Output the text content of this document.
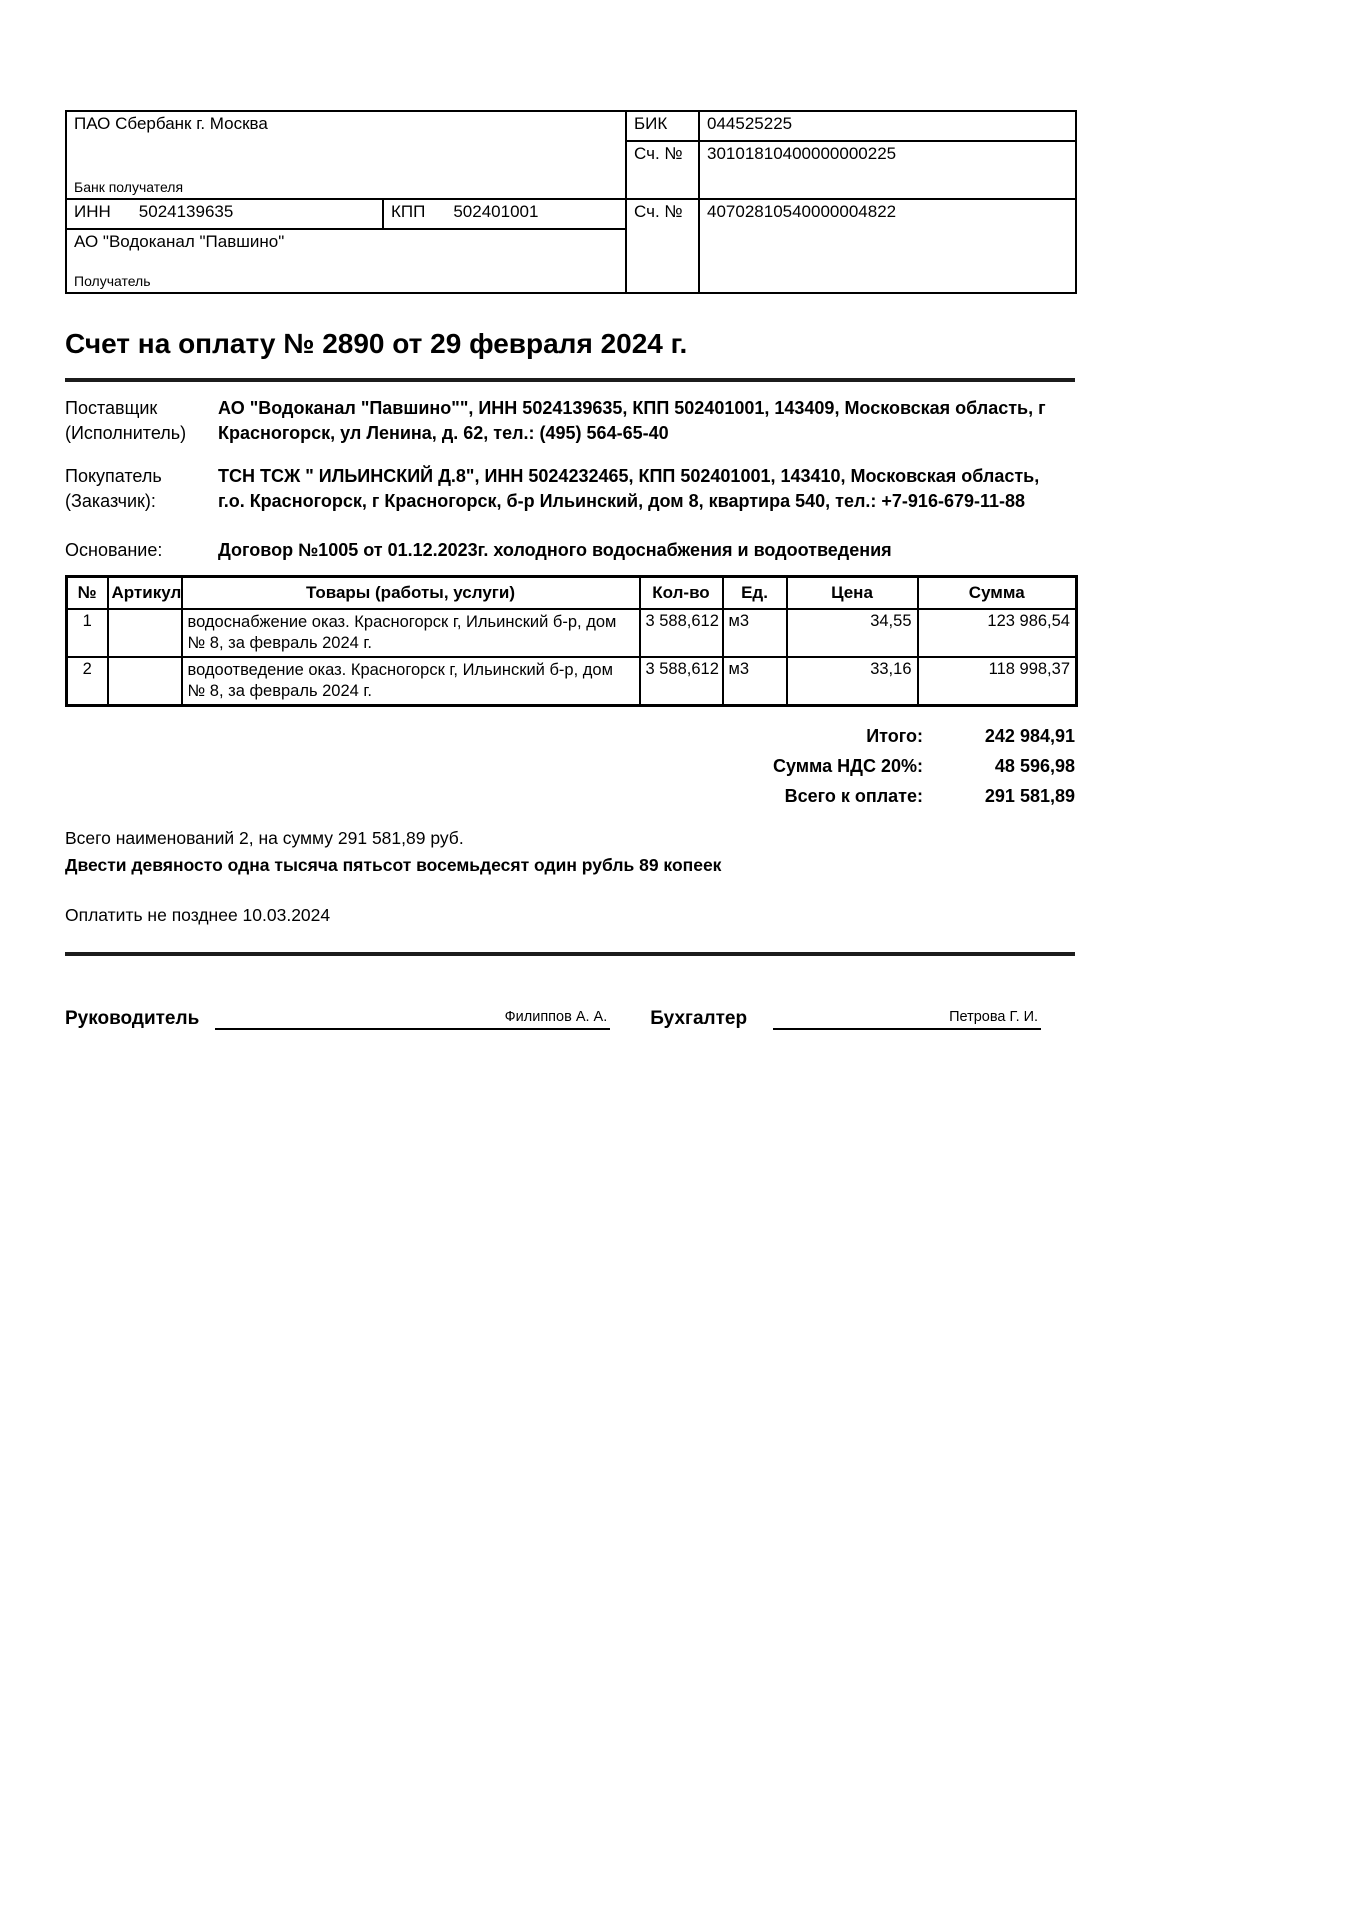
ПАО Сбербанк г. Москва
Банк получателя		БИК	044525225
		Сч. №	30101810400000000225

ИНН 5024139635	КПП 502401001	Сч. №	40702810540000004822
АО "Водоканал "Павшино"
Получатель			
Счет на оплату № 2890 от 29 февраля 2024 г.
Поставщик
(Исполнитель)
АО "Водоканал "Павшино"", ИНН 5024139635, КПП 502401001, 143409, Московская область, г Красногорск, ул Ленина, д. 62, тел.: (495) 564-65-40
Покупатель
(Заказчик):
ТСН ТСЖ " ИЛЬИНСКИЙ Д.8", ИНН 5024232465, КПП 502401001, 143410, Московская область, г.о. Красногорск, г Красногорск, б-р Ильинский, дом 8, квартира 540, тел.: +7-916-679-11-88
Основание:	Договор №1005 от 01.12.2023г. холодного водоснабжения и водоотведения
№	Артикул	Товары (работы, услуги)	Кол-во	Ед.	Цена	Сумма
1		водоснабжение оказ. Красногорск г, Ильинский б-р, дом № 8, за февраль 2024 г.	3 588,612	м3	34,55	123 986,54
2		водоотведение оказ. Красногорск г, Ильинский б-р, дом № 8, за февраль 2024 г.	3 588,612	м3	33,16	118 998,37
Итого:	242 984,91
Сумма НДС 20%:	48 596,98
Всего к оплате:	291 581,89
Всего наименований 2, на сумму 291 581,89 руб.
Двести девяносто одна тысяча пятьсот восемьдесят один рубль 89 копеек
Оплатить не позднее 10.03.2024
Руководитель	Филиппов А. А. Бухгалтер	Петрова Г. И.
